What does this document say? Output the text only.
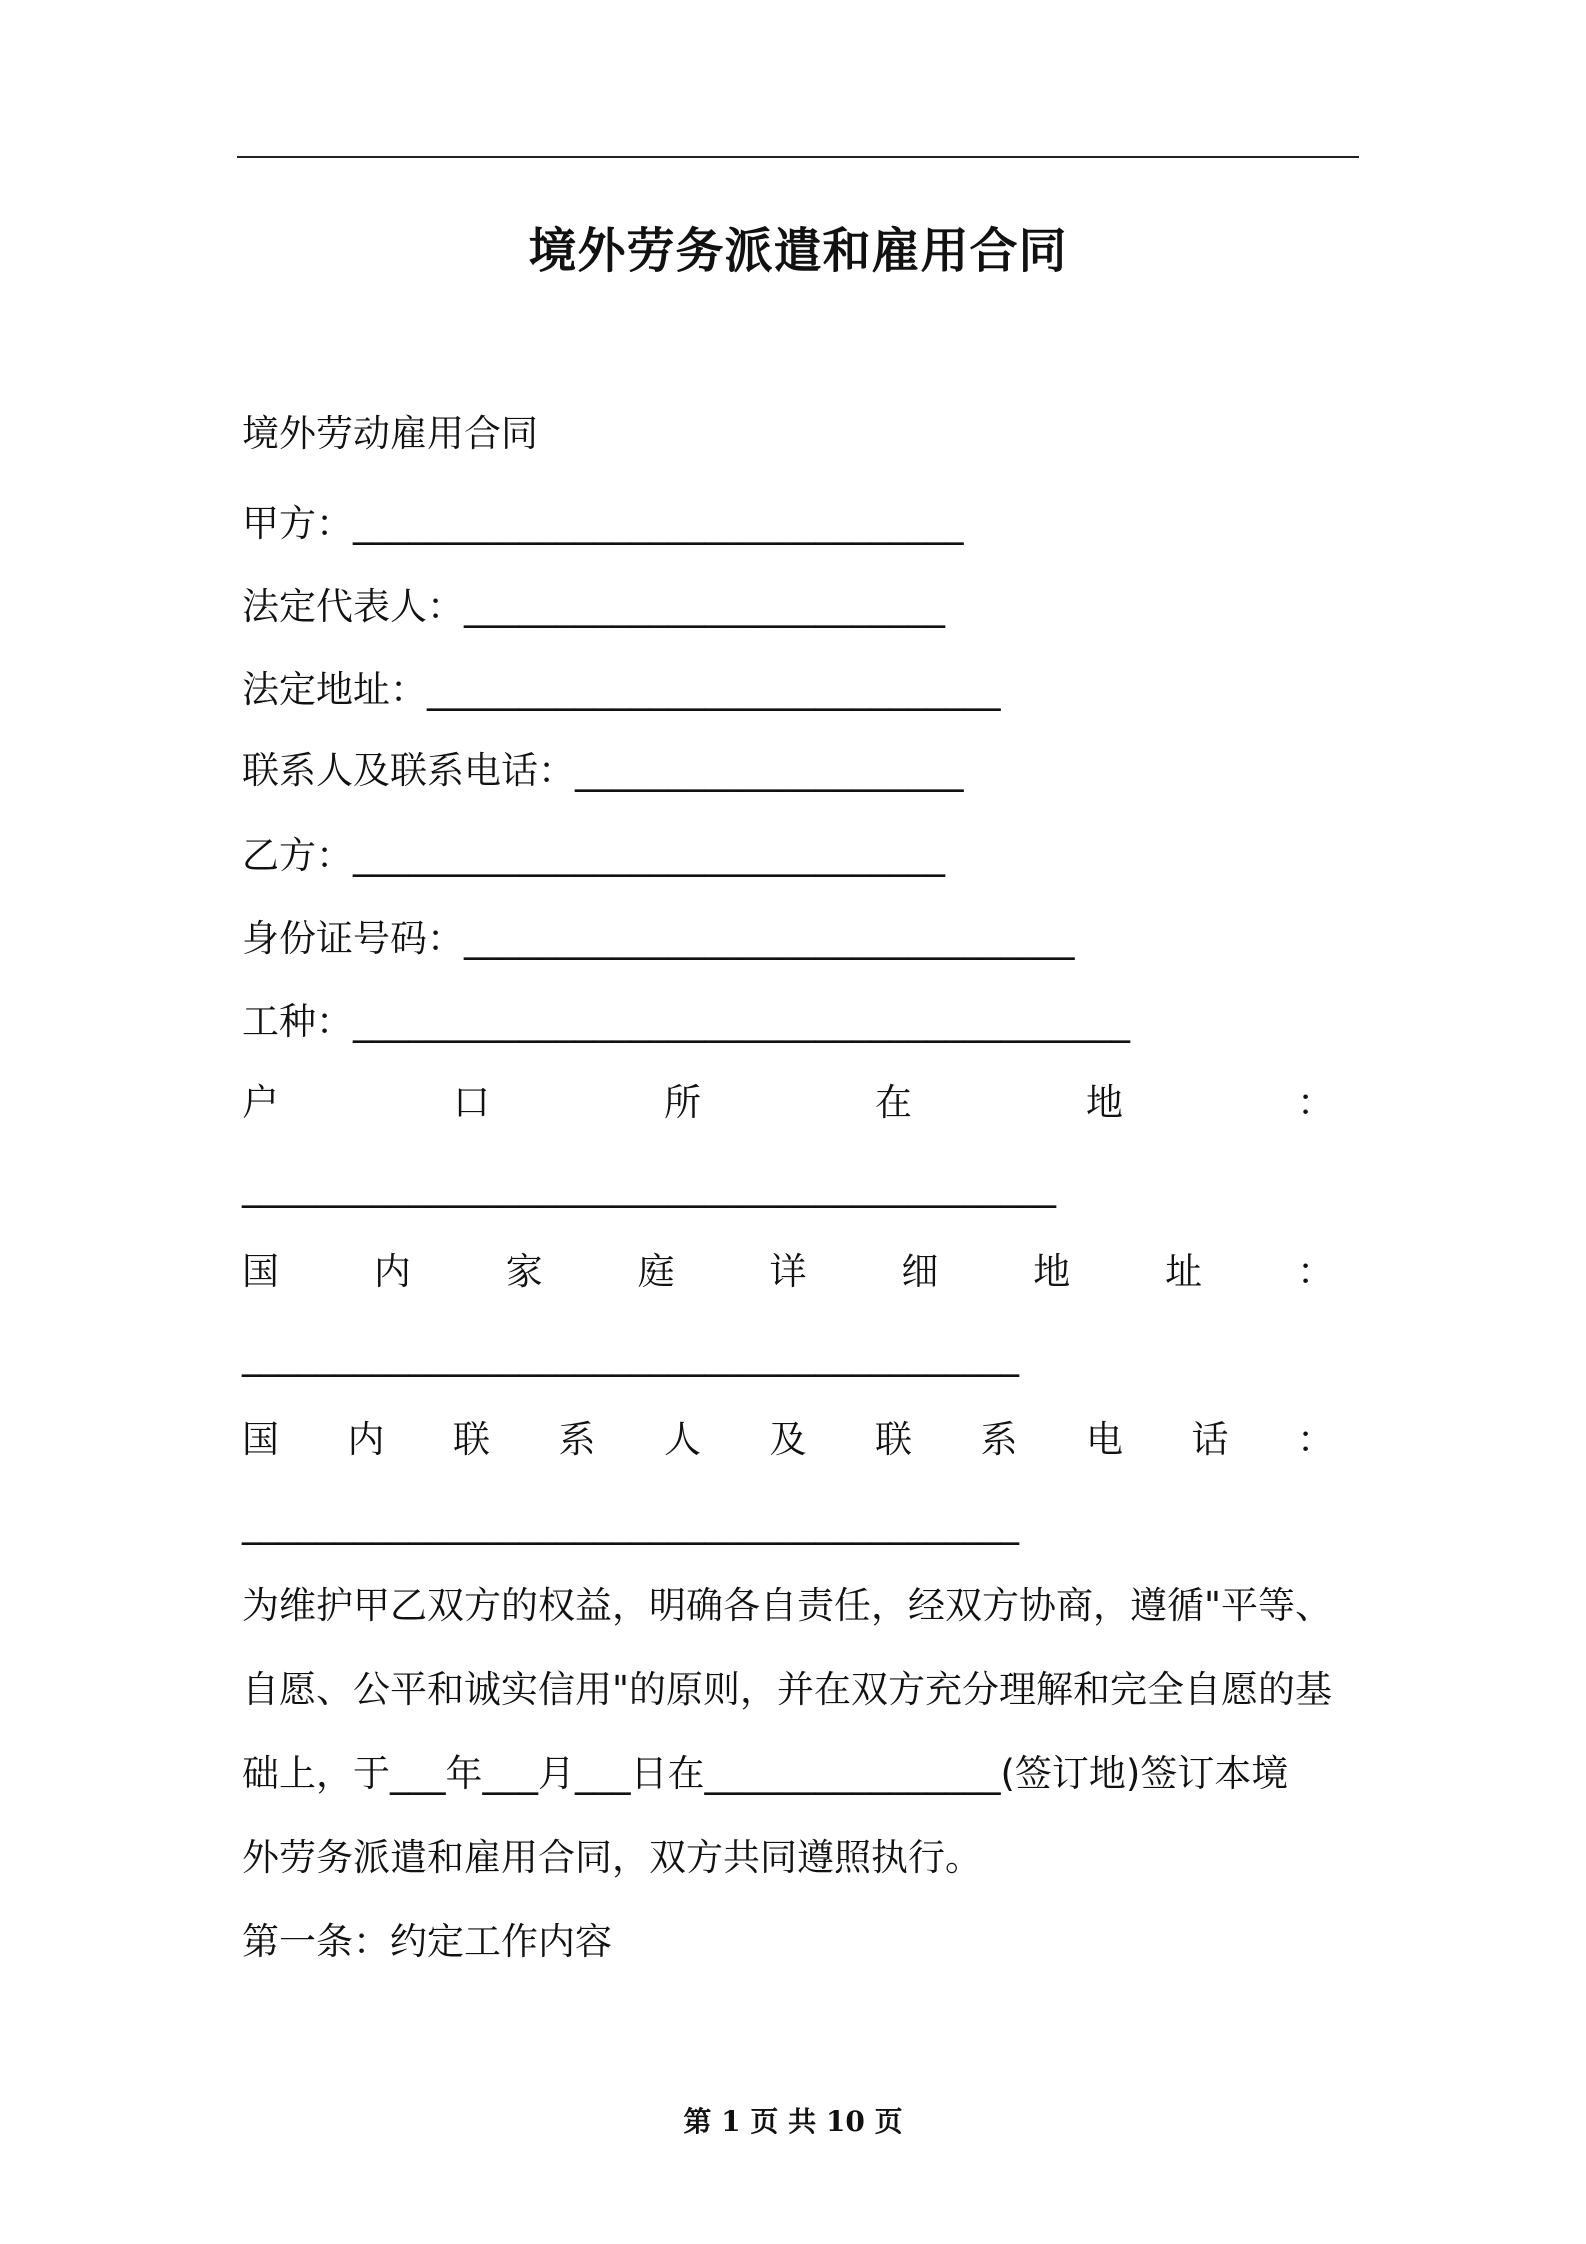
境外劳务派遣和雇用合同
境外劳动雇用合同
甲方：_________________________________
法定代表人：__________________________
法定地址：_______________________________
联系人及联系电话：_____________________
乙方：________________________________
身份证号码：_________________________________
工种：__________________________________________
户	口	所	在	地	：
____________________________________________
国	内	家	庭	详	细	地	址	：
__________________________________________
国 内 联 系 人 及 联 系 电 话 ：
__________________________________________
为维护甲乙双方的权益，明确各自责任，经双方协商，遵循"平等、
自愿、公平和诚实信用"的原则，并在双方充分理解和完全自愿的基
础上，于___年___月___日在________________(签订地)签订本境
外劳务派遣和雇用合同，双方共同遵照执行。
第一条：约定工作内容
第 1 页 共 10 页
